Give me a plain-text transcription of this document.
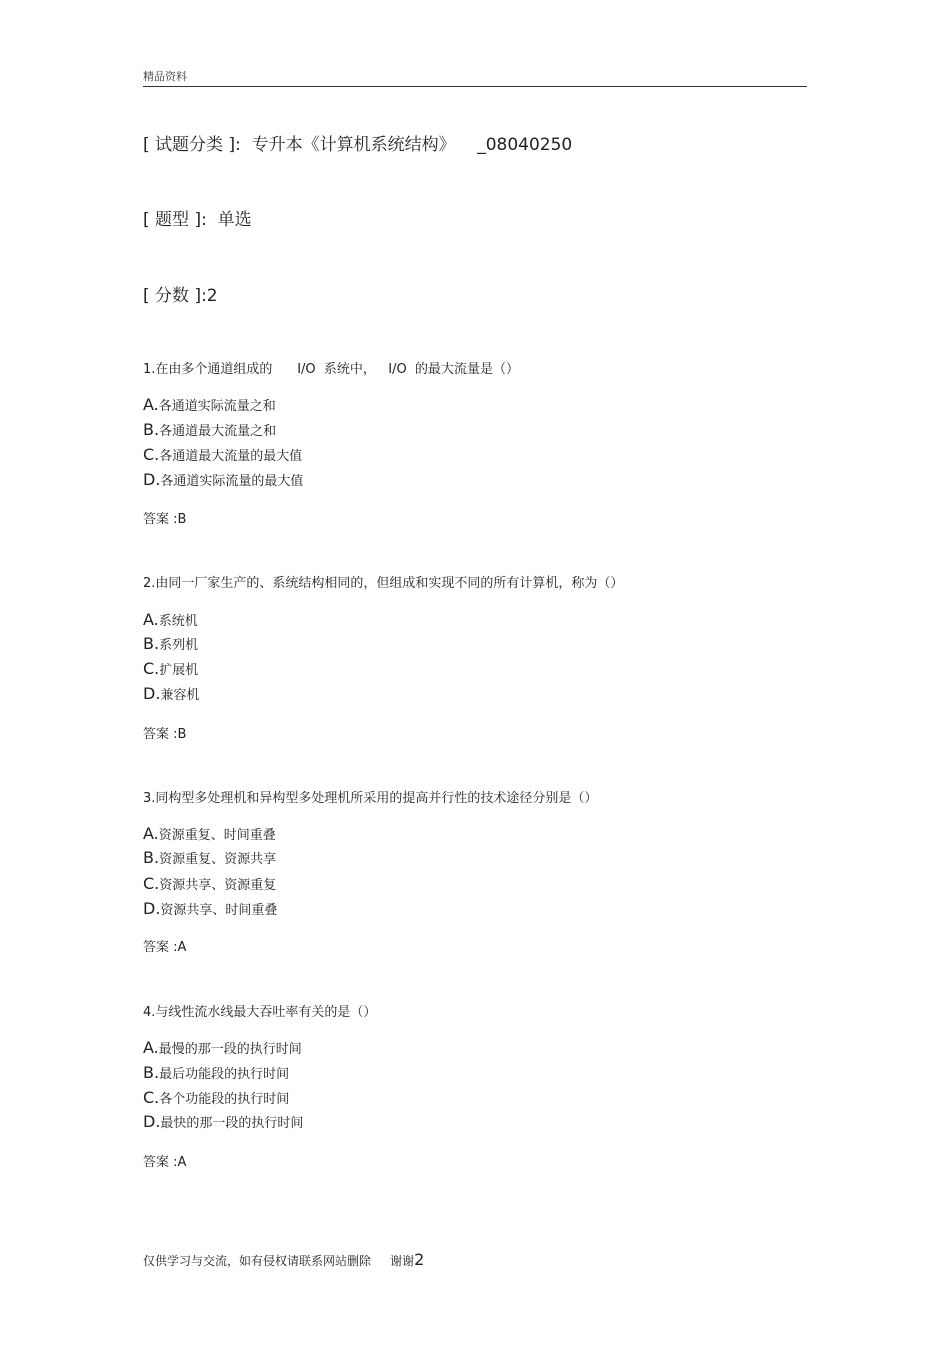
精品资料
[ 试题分类 ]:  专升本《计算机系统结构》    _08040250
[ 题型 ]:  单选
[ 分数 ]:2
1.在由多个通道组成的      I/O  系统中，   I/O  的最大流量是（）
A.各通道实际流量之和
B.各通道最大流量之和
C.各通道最大流量的最大值
D.各通道实际流量的最大值
答案 :B
2.由同一厂家生产的、系统结构相同的，但组成和实现不同的所有计算机，称为（）
A.系统机
B.系列机
C.扩展机
D.兼容机
答案 :B
3.同构型多处理机和异构型多处理机所采用的提高并行性的技术途径分别是（）
A.资源重复、时间重叠
B.资源重复、资源共享
C.资源共享、资源重复
D.资源共享、时间重叠
答案 :A
4.与线性流水线最大吞吐率有关的是（）
A.最慢的那一段的执行时间
B.最后功能段的执行时间
C.各个功能段的执行时间
D.最快的那一段的执行时间
答案 :A
仅供学习与交流，如有侵权请联系网站删除     谢谢2
